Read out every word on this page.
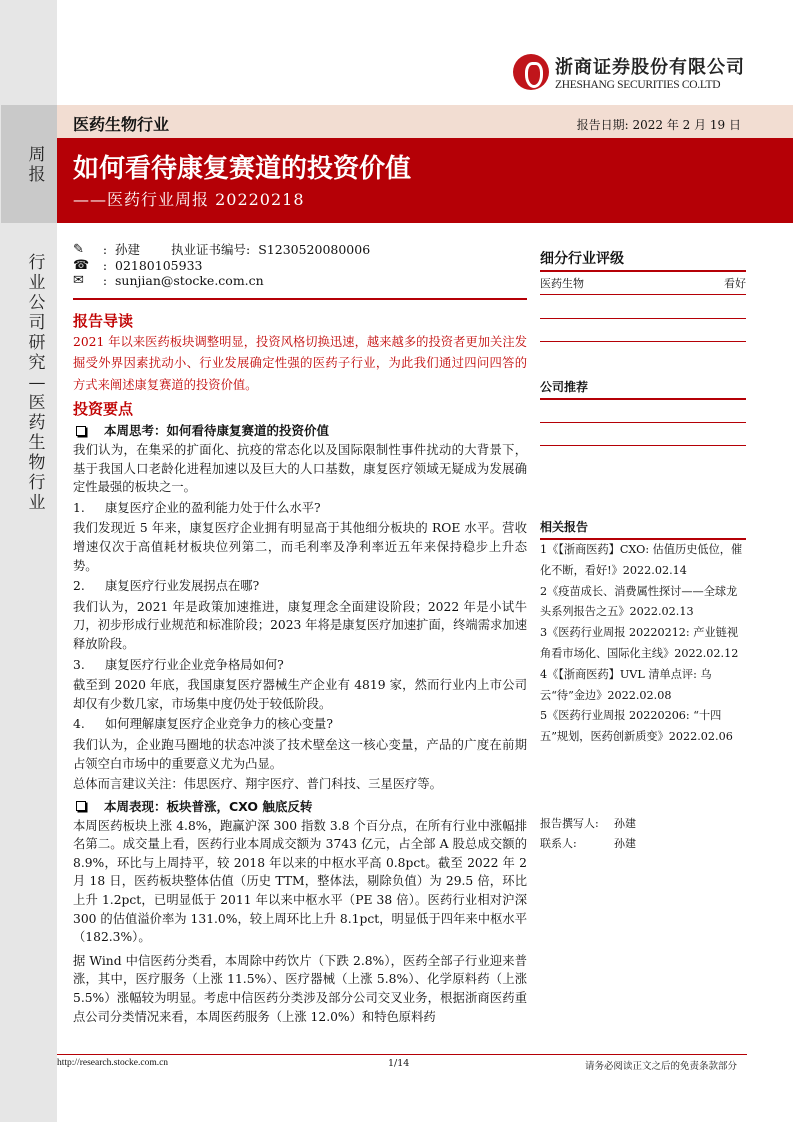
周报
行业公司研究—医药生物行业
浙商证券股份有限公司
ZHESHANG SECURITIES CO.LTD
医药生物行业	报告日期: 2022 年 2 月 19 日
如何看待康复赛道的投资价值
——医药行业周报 20220218
✎	: 孙建	执业证书编号: S1230520080006
☎	: 02180105933
✉	: sunjian@stocke.com.cn
报告导读

2021 年以来医药板块调整明显，投资风格切换迅速，越来越多的投资者更加关注发掘受外界因素扰动小、行业发展确定性强的医药子行业，为此我们通过四问四答的方式来阐述康复赛道的投资价值。

投资要点
本周思考：如何看待康复赛道的投资价值

我们认为，在集采的扩面化、抗疫的常态化以及国际限制性事件扰动的大背景下，基于我国人口老龄化进程加速以及巨大的人口基数，康复医疗领域无疑成为发展确定性最强的板块之一。

1.	康复医疗企业的盈利能力处于什么水平?

我们发现近 5 年来，康复医疗企业拥有明显高于其他细分板块的 ROE 水平。营收增速仅次于高值耗材板块位列第二，而毛利率及净利率近五年来保持稳步上升态势。

2.	康复医疗行业发展拐点在哪?

我们认为，2021 年是政策加速推进，康复理念全面建设阶段；2022 年是小试牛刀，初步形成行业规范和标准阶段；2023 年将是康复医疗加速扩面，终端需求加速释放阶段。

3.	康复医疗行业企业竞争格局如何?

截至到 2020 年底，我国康复医疗器械生产企业有 4819 家，然而行业内上市公司却仅有少数几家，市场集中度仍处于较低阶段。

4.	如何理解康复医疗企业竞争力的核心变量?

我们认为，企业跑马圈地的状态冲淡了技术壁垒这一核心变量，产品的广度在前期占领空白市场中的重要意义尤为凸显。

总体而言建议关注：伟思医疗、翔宇医疗、普门科技、三星医疗等。

本周表现：板块普涨，CXO 触底反转

本周医药板块上涨 4.8%，跑赢沪深 300 指数 3.8 个百分点，在所有行业中涨幅排名第二。成交量上看，医药行业本周成交额为 3743 亿元，占全部 A 股总成交额的 8.9%，环比与上周持平，较 2018 年以来的中枢水平高 0.8pct。截至 2022 年 2 月 18 日，医药板块整体估值（历史 TTM，整体法，剔除负值）为 29.5 倍，环比上升 1.2pct，已明显低于 2011 年以来中枢水平（PE 38 倍）。医药行业相对沪深 300 的估值溢价率为 131.0%，较上周环比上升 8.1pct，明显低于四年来中枢水平（182.3%）。

据 Wind 中信医药分类看，本周除中药饮片（下跌 2.8%），医药全部子行业迎来普涨，其中，医疗服务（上涨 11.5%）、医疗器械（上涨 5.8%）、化学原料药（上涨 5.5%）涨幅较为明显。考虑中信医药分类涉及部分公司交叉业务，根据浙商医药重点公司分类情况来看，本周医药服务（上涨 12.0%）和特色原料药

细分行业评级
医药生物	看好
公司推荐
相关报告
1《【浙商医药】CXO: 估值历史低位，催化不断，看好!》2022.02.14
2《疫苗成长、消费属性探讨——全球龙头系列报告之五》2022.02.13
3《医药行业周报 20220212: 产业链视角看市场化、国际化主线》2022.02.12
4《【浙商医药】UVL 清单点评: 乌云“待”金边》2022.02.08
5《医药行业周报 20220206: “十四五”规划，医药创新质变》2022.02.06
报告撰写人: 孙建
联系人:	孙建
http://research.stocke.com.cn	1/14	请务必阅读正文之后的免责条款部分
